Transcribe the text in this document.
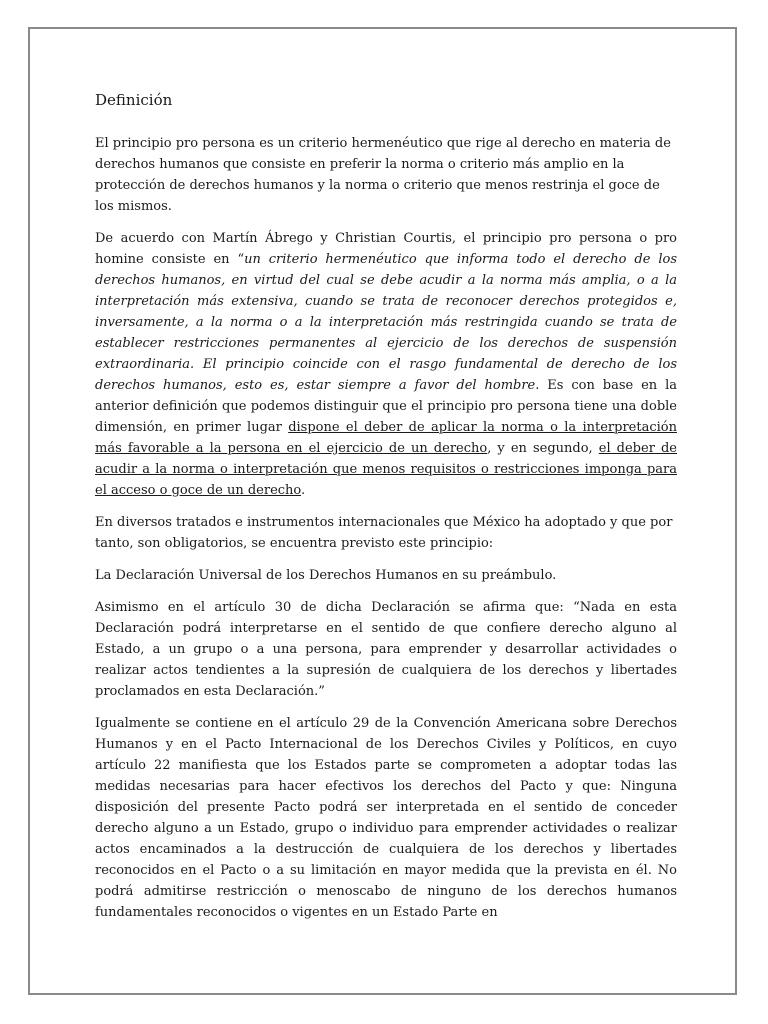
Definición

El principio pro persona es un criterio hermenéutico que rige al derecho en materia de derechos humanos que consiste en preferir la norma o criterio más amplio en la protección de derechos humanos y la norma o criterio que menos restrinja el goce de los mismos.

De acuerdo con Martín Ábrego y Christian Courtis, el principio pro persona o pro homine consiste en “un criterio hermenéutico que informa todo el derecho de los derechos humanos, en virtud del cual se debe acudir a la norma más amplia, o a la interpretación más extensiva, cuando se trata de reconocer derechos protegidos e, inversamente, a la norma o a la interpretación más restringida cuando se trata de establecer restricciones permanentes al ejercicio de los derechos de suspensión extraordinaria. El principio coincide con el rasgo fundamental de derecho de los derechos humanos, esto es, estar siempre a favor del hombre. Es con base en la anterior definición que podemos distinguir que el principio pro persona tiene una doble dimensión, en primer lugar dispone el deber de aplicar la norma o la interpretación más favorable a la persona en el ejercicio de un derecho, y en segundo, el deber de acudir a la norma o interpretación que menos requisitos o restricciones imponga para el acceso o goce de un derecho.

En diversos tratados e instrumentos internacionales que México ha adoptado y que por tanto, son obligatorios, se encuentra previsto este principio:

La Declaración Universal de los Derechos Humanos en su preámbulo.

Asimismo en el artículo 30 de dicha Declaración se afirma que: “Nada en esta Declaración podrá interpretarse en el sentido de que confiere derecho alguno al Estado, a un grupo o a una persona, para emprender y desarrollar actividades o realizar actos tendientes a la supresión de cualquiera de los derechos y libertades proclamados en esta Declaración.”

Igualmente se contiene en el artículo 29 de la Convención Americana sobre Derechos Humanos y en el Pacto Internacional de los Derechos Civiles y Políticos, en cuyo artículo 22 manifiesta que los Estados parte se comprometen a adoptar todas las medidas necesarias para hacer efectivos los derechos del Pacto y que: Ninguna disposición del presente Pacto podrá ser interpretada en el sentido de conceder derecho alguno a un Estado, grupo o individuo para emprender actividades o realizar actos encaminados a la destrucción de cualquiera de los derechos y libertades reconocidos en el Pacto o a su limitación en mayor medida que la prevista en él. No podrá admitirse restricción o menoscabo de ninguno de los derechos humanos fundamentales reconocidos o vigentes en un Estado Parte en
